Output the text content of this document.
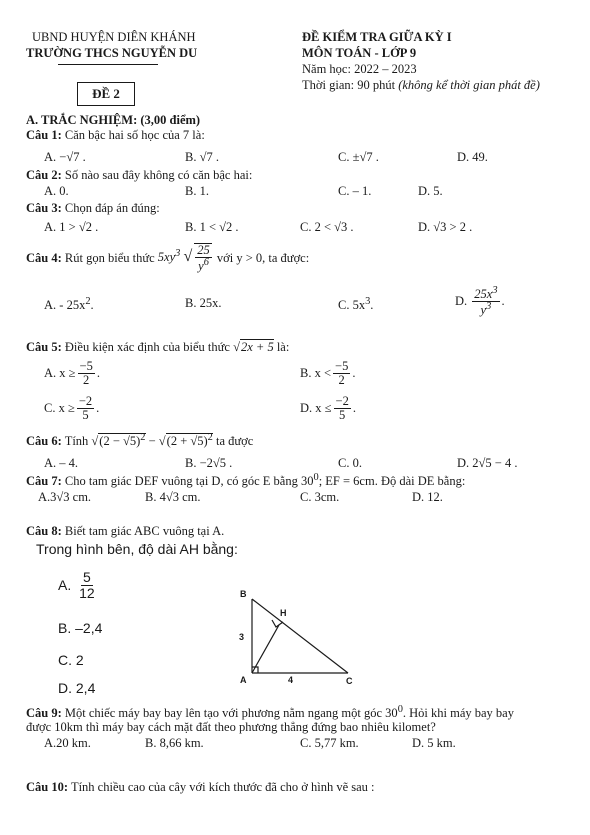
UBND HUYỆN DIÊN KHÁNH
TRƯỜNG THCS NGUYỄN DU
ĐỀ 2
ĐỀ KIỂM TRA GIỮA KỲ I
MÔN TOÁN - LỚP 9
Năm học: 2022 – 2023
Thời gian: 90 phút (không kể thời gian phát đề)
A. TRẮC NGHIỆM: (3,00 điểm)
Câu 1: Căn bậc hai số học của 7 là:
A. −√7 .	B. √7 .	C. ±√7 .	D. 49.
Câu 2: Số nào sau đây không có căn bậc hai:
A. 0.	B. 1.	C. – 1.	D. 5.
Câu 3: Chọn đáp án đúng:
A. 1 > √2 .	B. 1 < √2 .	C. 2 < √3 .	D. √3 > 2 .
Câu 4:
Rút gọn biểu thức
$5xy^3$ √ $\frac{25}{y^6}$
với y > 0, ta được:
A. - $25x^2$.	B. 25x.	C. $5x^3$.	D.
$\frac{25x^3}{y^3}$ .
Câu 5: Điều kiện xác định của biểu thức √2x + 5 là:
A. $x \ge \frac{-5}{2}$ .	B. $x < \frac{-5}{2}$ .
C. $x \ge \frac{-2}{5}$ .	D. $x \le \frac{-2}{5}$ .
Câu 6: Tính $√(2 - √5)^2 - √(2 + √5)^2$ ta được
A. – 4.	B. −2√5 .	C. 0.	D. 2√5 − 4 .
Câu 7: Cho tam giác DEF vuông tại D, có góc E bằng $30^0$; EF = 6cm. Độ dài DE bằng:
A.3√3 cm.	B. 4√3 cm.	C. 3cm.	D. 12.
Câu 8: Biết tam giác ABC vuông tại A.
Trong hình bên, độ dài AH bằng:
A.
$\frac{5}{12}$
B. –2,4
C. 2
D. 2,4
B
H
3
A	4	C
Câu 9: Một chiếc máy bay bay lên tạo với phương nằm ngang một góc $30^0$. Hỏi khi máy bay bay
được 10km thì máy bay cách mặt đất theo phương thẳng đứng bao nhiêu kilomet?
A.20 km.	B. 8,66 km.	C. 5,77 km.	D. 5 km.
Câu 10: Tính chiều cao của cây với kích thước đã cho ở hình vẽ sau :
